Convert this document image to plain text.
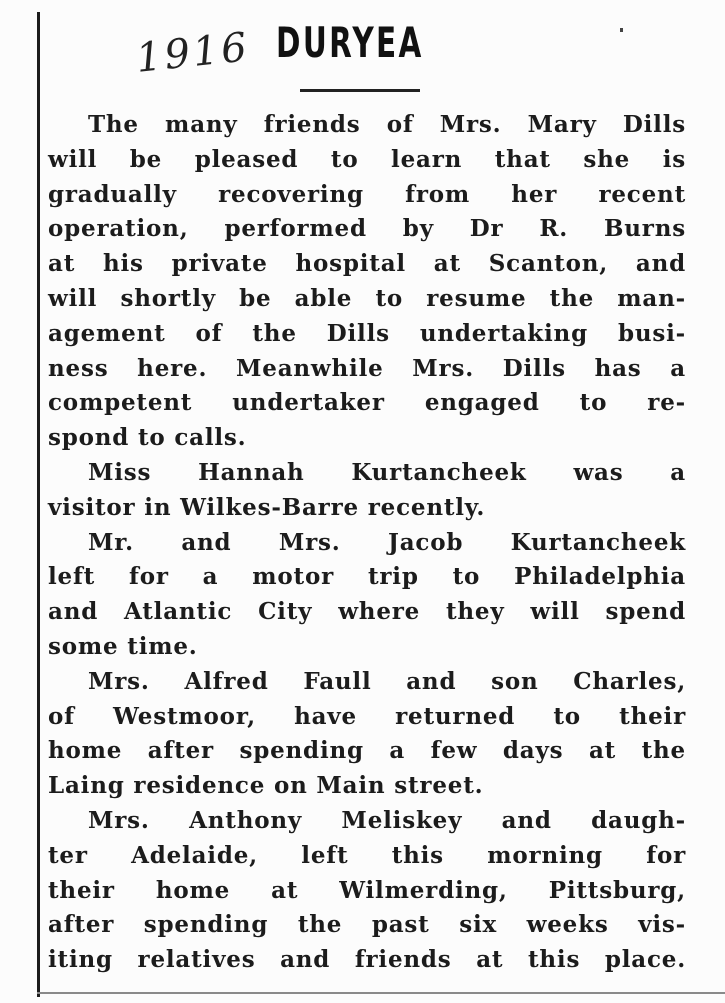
1916 DURYEA
The many friends of Mrs. Mary Dills
will be pleased to learn that she is
gradually recovering from her recent
operation, performed by Dr R. Burns
at his private hospital at Scanton, and
will shortly be able to resume the man-
agement of the Dills undertaking busi-
ness here. Meanwhile Mrs. Dills has a
competent undertaker engaged to re-
spond to calls.
Miss Hannah Kurtancheek was a
visitor in Wilkes-Barre recently.
Mr. and Mrs. Jacob Kurtancheek
left for a motor trip to Philadelphia
and Atlantic City where they will spend
some time.
Mrs. Alfred Faull and son Charles,
of Westmoor, have returned to their
home after spending a few days at the
Laing residence on Main street.
Mrs. Anthony Meliskey and daugh-
ter Adelaide, left this morning for
their home at Wilmerding, Pittsburg,
after spending the past six weeks vis-
iting relatives and friends at this place.
